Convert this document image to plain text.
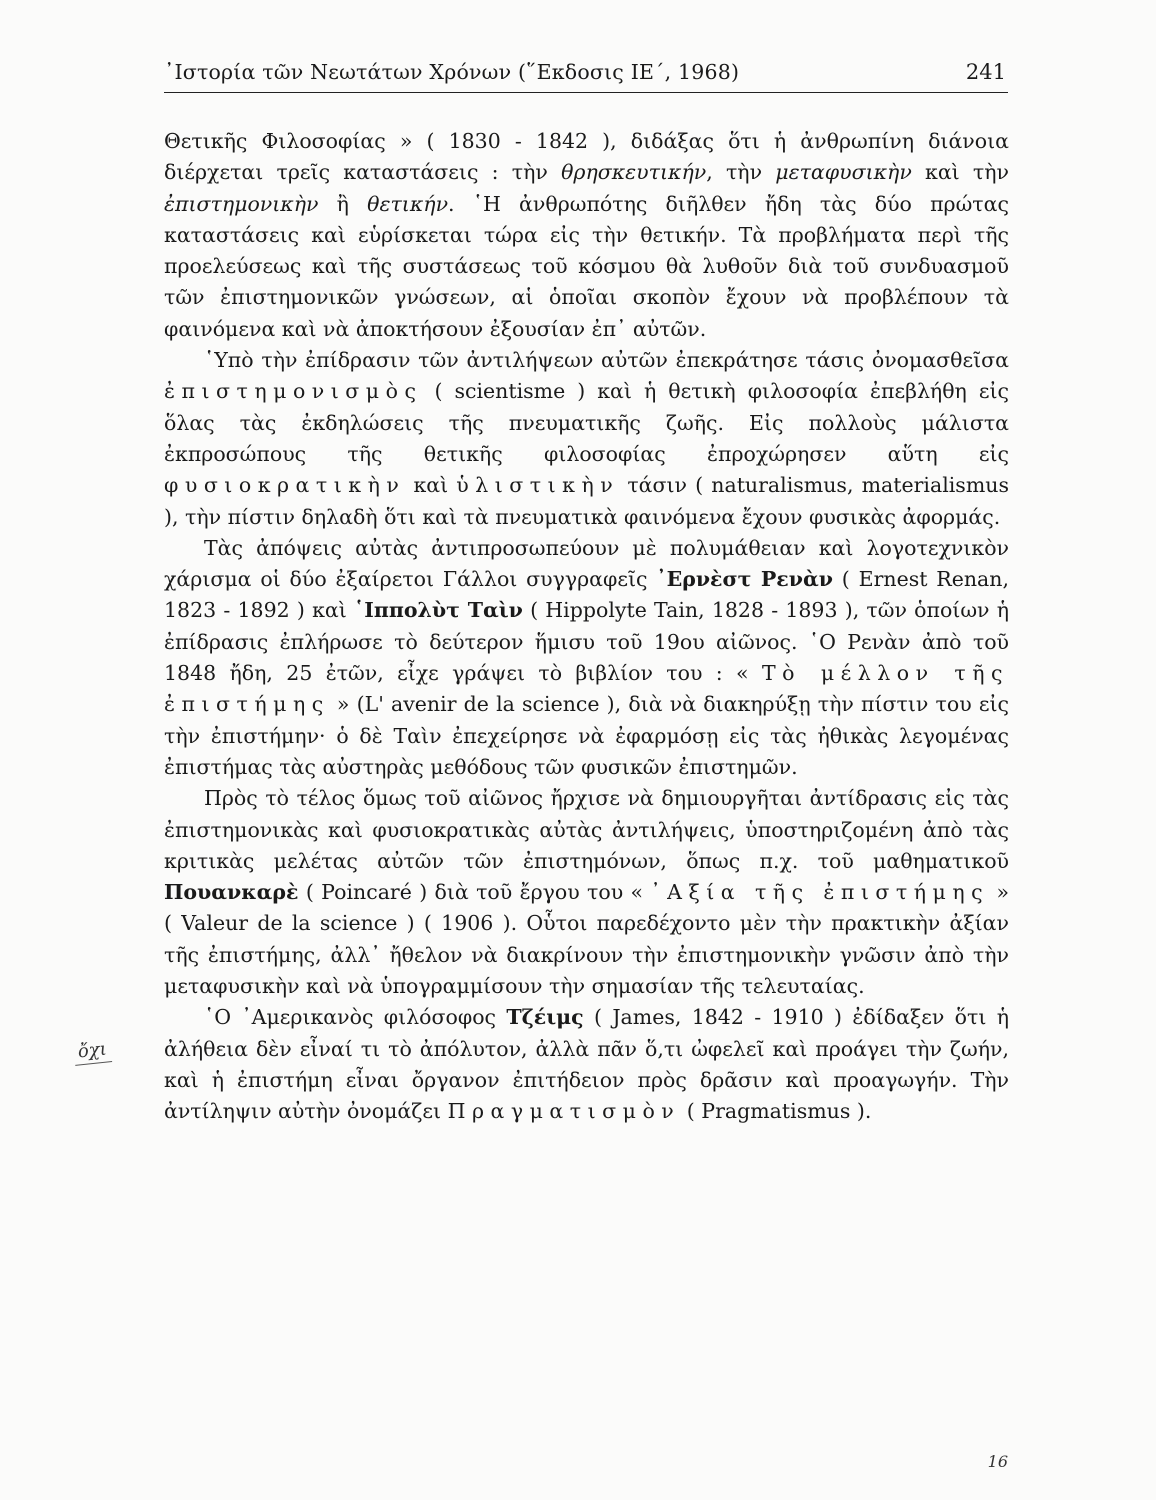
᾿Ιστορία τῶν Νεωτάτων Χρόνων (῞Εκδοσις ΙΕ΄, 1968)	241

Θετικῆς Φιλοσοφίας » ( 1830 - 1842 ), διδάξας ὅτι ἡ ἀνθρωπίνη διάνοια διέρχεται τρεῖς καταστάσεις : τὴν θρησκευτικήν, τὴν μεταφυσικὴν καὶ τὴν ἐπιστημονικὴν ἢ θετικήν. ῾Η ἀνθρωπότης διῆλθεν ἤδη τὰς δύο πρώτας καταστάσεις καὶ εὑρίσκεται τώρα εἰς τὴν θετικήν. Τὰ προβλήματα περὶ τῆς προελεύσεως καὶ τῆς συστάσεως τοῦ κόσμου θὰ λυθοῦν διὰ τοῦ συνδυασμοῦ τῶν ἐπιστημονικῶν γνώσεων, αἱ ὁποῖαι σκοπὸν ἔχουν νὰ προβλέπουν τὰ φαινόμενα καὶ νὰ ἀποκτήσουν ἐξουσίαν ἐπ᾿ αὐτῶν.

῾Υπὸ τὴν ἐπίδρασιν τῶν ἀντιλήψεων αὐτῶν ἐπεκράτησε τάσις ὀνομασθεῖσα ἐπιστημονισμὸς ( scientisme ) καὶ ἡ θετικὴ φιλοσοφία ἐπεβλήθη εἰς ὅλας τὰς ἐκδηλώσεις τῆς πνευματικῆς ζωῆς. Εἰς πολλοὺς μάλιστα ἐκπροσώπους τῆς θετικῆς φιλοσοφίας ἐπροχώρησεν αὕτη εἰς φυσιοκρατικὴν καὶ ὑλιστικὴν τάσιν ( naturalismus, materialismus ), τὴν πίστιν δηλαδὴ ὅτι καὶ τὰ πνευματικὰ φαινόμενα ἔχουν φυσικὰς ἀφορμάς.

Τὰς ἀπόψεις αὐτὰς ἀντιπροσωπεύουν μὲ πολυμάθειαν καὶ λογοτεχνικὸν χάρισμα οἱ δύο ἐξαίρετοι Γάλλοι συγγραφεῖς ᾿Ερνὲστ Ρενὰν ( Ernest Renan, 1823 - 1892 ) καὶ ῾Ιππολὺτ Ταὶν ( Hippolyte Tain, 1828 - 1893 ), τῶν ὁποίων ἡ ἐπίδρασις ἐπλήρωσε τὸ δεύτερον ἥμισυ τοῦ 19ου αἰῶνος. ῾Ο Ρενὰν ἀπὸ τοῦ 1848 ἤδη, 25 ἐτῶν, εἶχε γράψει τὸ βιβλίον του : « Τὸ μέλλον τῆς ἐπιστήμης » (L' avenir de la science ), διὰ νὰ διακηρύξῃ τὴν πίστιν του εἰς τὴν ἐπιστήμην· ὁ δὲ Ταὶν ἐπεχείρησε νὰ ἐφαρμόσῃ εἰς τὰς ἠθικὰς λεγομένας ἐπιστήμας τὰς αὐστηρὰς μεθόδους τῶν φυσικῶν ἐπιστημῶν.

Πρὸς τὸ τέλος ὅμως τοῦ αἰῶνος ἤρχισε νὰ δημιουργῆται ἀντίδρασις εἰς τὰς ἐπιστημονικὰς καὶ φυσιοκρατικὰς αὐτὰς ἀντιλήψεις, ὑποστηριζομένη ἀπὸ τὰς κριτικὰς μελέτας αὐτῶν τῶν ἐπιστημόνων, ὅπως π.χ. τοῦ μαθηματικοῦ Πουανκαρὲ ( Poincaré ) διὰ τοῦ ἔργου του « ᾿Αξία τῆς ἐπιστήμης » ( Valeur de la science ) ( 1906 ). Οὗτοι παρεδέχοντο μὲν τὴν πρακτικὴν ἀξίαν τῆς ἐπιστήμης, ἀλλ᾿ ἤθελον νὰ διακρίνουν τὴν ἐπιστημονικὴν γνῶσιν ἀπὸ τὴν μεταφυσικὴν καὶ νὰ ὑπογραμμίσουν τὴν σημασίαν τῆς τελευταίας.

῾Ο ᾿Αμερικανὸς φιλόσοφος Τζέιμς ( James, 1842 - 1910 ) ἐδίδαξεν ὅτι ἡ ἀλήθεια δὲν εἶναί τι τὸ ἀπόλυτον, ἀλλὰ πᾶν ὅ,τι ὠφελεῖ καὶ προάγει τὴν ζωήν, καὶ ἡ ἐπιστήμη εἶναι ὄργανον ἐπιτήδειον πρὸς δρᾶσιν καὶ προαγωγήν. Τὴν ἀντίληψιν αὐτὴν ὀνομάζει Πραγματισμὸν ( Pragmatismus ).

ὄχι
16
